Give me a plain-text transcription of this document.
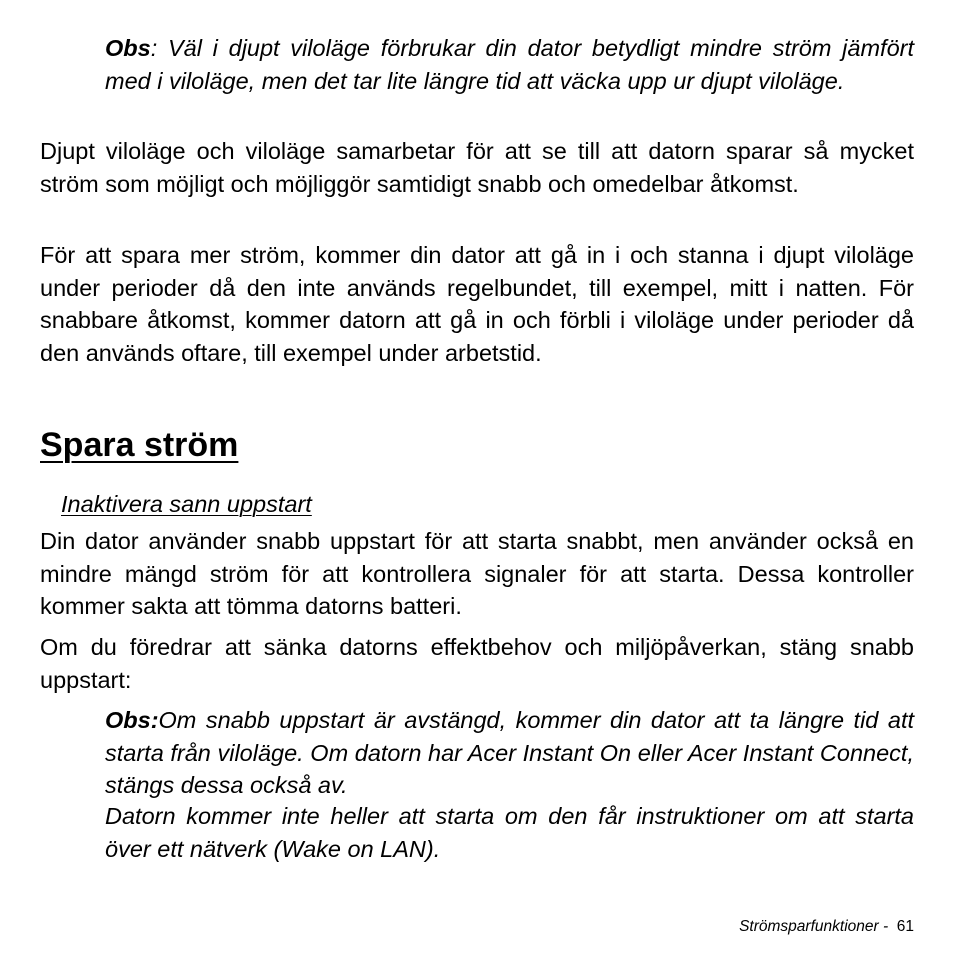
Obs: Väl i djupt viloläge förbrukar din dator betydligt mindre ström jämfört med i viloläge, men det tar lite längre tid att väcka upp ur djupt viloläge.

Djupt viloläge och viloläge samarbetar för att se till att datorn sparar så mycket ström som möjligt och möjliggör samtidigt snabb och omedelbar åtkomst.

För att spara mer ström, kommer din dator att gå in i och stanna i djupt viloläge under perioder då den inte används regelbundet, till exempel, mitt i natten. För snabbare åtkomst, kommer datorn att gå in och förbli i viloläge under perioder då den används oftare, till exempel under arbetstid.

Spara ström
Inaktivera sann uppstart

Din dator använder snabb uppstart för att starta snabbt, men använder också en mindre mängd ström för att kontrollera signaler för att starta. Dessa kontroller kommer sakta att tömma datorns batteri.

Om du föredrar att sänka datorns effektbehov och miljöpåverkan, stäng snabb uppstart:

Obs:Om snabb uppstart är avstängd, kommer din dator att ta längre tid att starta från viloläge. Om datorn har Acer Instant On eller Acer Instant Connect, stängs dessa också av.

Datorn kommer inte heller att starta om den får instruktioner om att starta över ett nätverk (Wake on LAN).

Strömsparfunktioner -  61
